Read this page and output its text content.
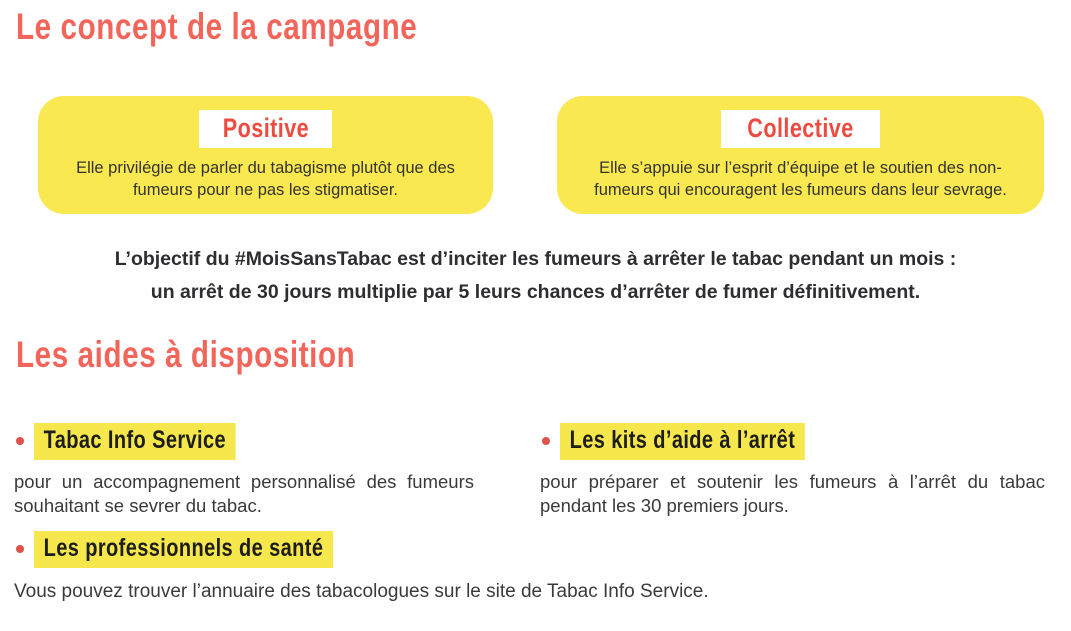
Le concept de la campagne
Positive

Elle privilégie de parler du tabagisme plutôt que des fumeurs pour ne pas les stigmatiser.

Collective

Elle s’appuie sur l’esprit d’équipe et le soutien des non-fumeurs qui encouragent les fumeurs dans leur sevrage.

L’objectif du #MoisSansTabac est d’inciter les fumeurs à arrêter le tabac pendant un mois :
un arrêt de 30 jours multiplie par 5 leurs chances d’arrêter de fumer définitivement.
Les aides à disposition
Tabac Info Service

pour un accompagnement personnalisé des fumeurs souhaitant se sevrer du tabac.

Les kits d’aide à l’arrêt

pour préparer et soutenir les fumeurs à l’arrêt du tabac pendant les 30 premiers jours.

Les professionnels de santé

Vous pouvez trouver l’annuaire des tabacologues sur le site de Tabac Info Service.
